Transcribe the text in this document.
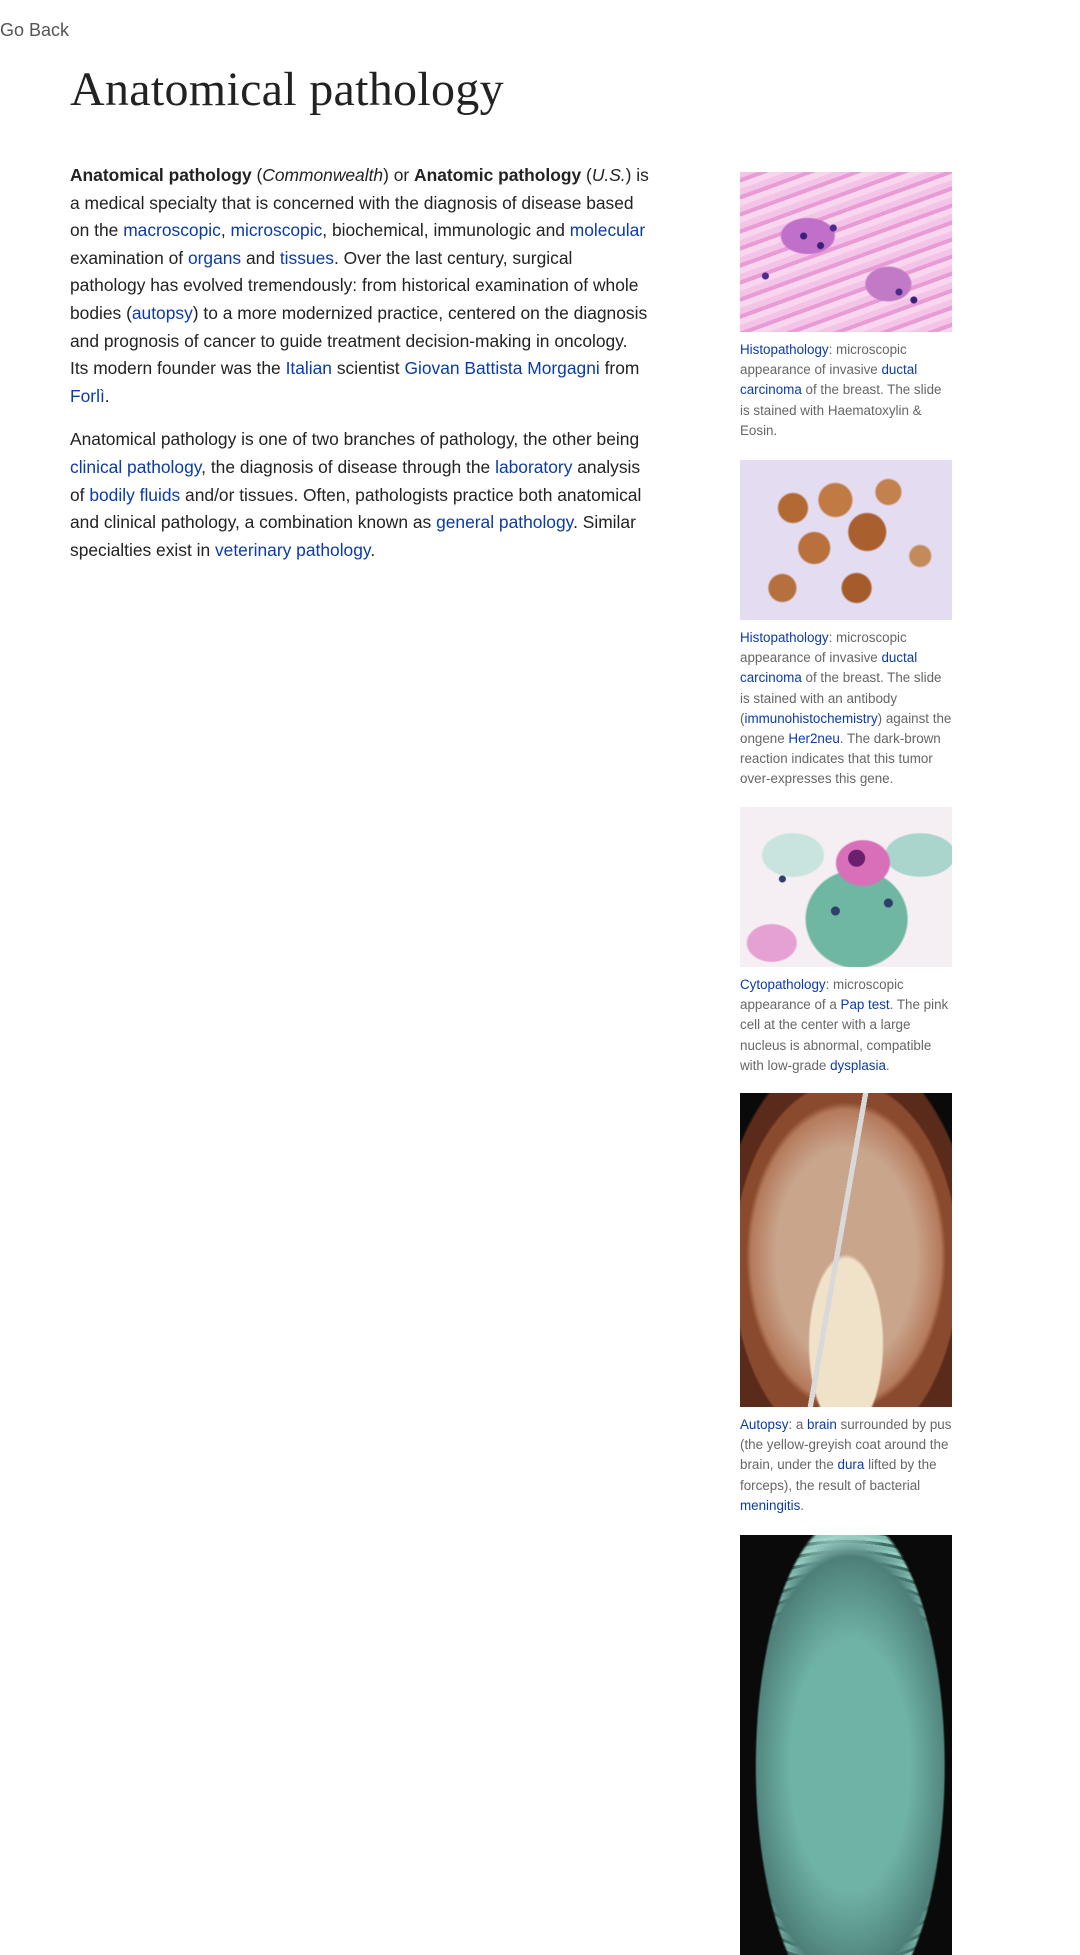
Go Back
Anatomical pathology

Anatomical pathology (Commonwealth) or Anatomic pathology (U.S.) is a medical specialty that is concerned with the diagnosis of disease based on the macroscopic, microscopic, biochemical, immunologic and molecular examination of organs and tissues. Over the last century, surgical pathology has evolved tremendously: from historical examination of whole bodies (autopsy) to a more modernized practice, centered on the diagnosis and prognosis of cancer to guide treatment decision-making in oncology. Its modern founder was the Italian scientist Giovan Battista Morgagni from Forlì.

Anatomical pathology is one of two branches of pathology, the other being clinical pathology, the diagnosis of disease through the laboratory analysis of bodily fluids and/or tissues. Often, pathologists practice both anatomical and clinical pathology, a combination known as general pathology. Similar specialties exist in veterinary pathology.

Histopathology: microscopic appearance of invasive ductal carcinoma of the breast. The slide is stained with Haematoxylin & Eosin.
Histopathology: microscopic appearance of invasive ductal carcinoma of the breast. The slide is stained with an antibody (immunohistochemistry) against the ongene Her2neu. The dark-brown reaction indicates that this tumor over-expresses this gene.
Cytopathology: microscopic appearance of a Pap test. The pink cell at the center with a large nucleus is abnormal, compatible with low-grade dysplasia.
Autopsy: a brain surrounded by pus (the yellow-greyish coat around the brain, under the dura lifted by the forceps), the result of bacterial meningitis.
